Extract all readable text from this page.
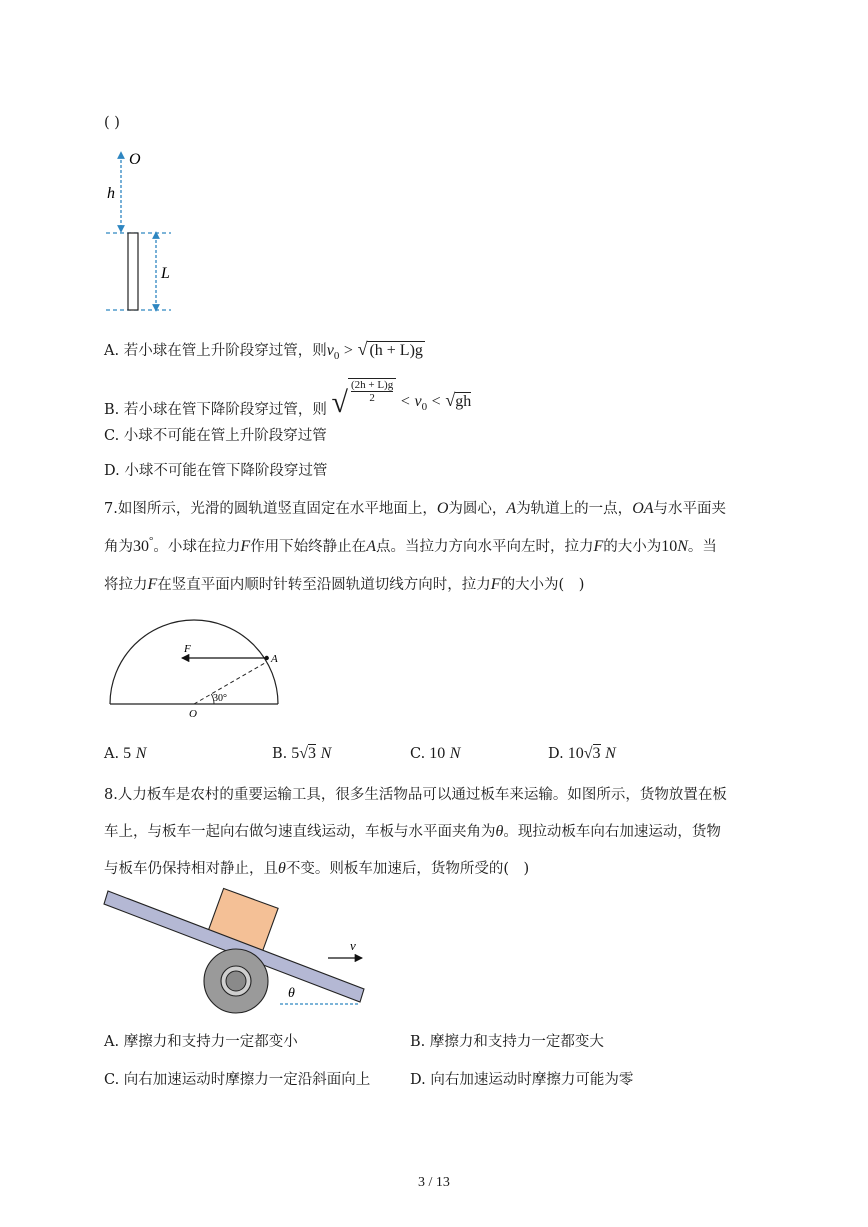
( )
O
h
L
A. 若小球在管上升阶段穿过管，则$v_0$ > √ (h + L)g
B. 若小球在管下降阶段穿过管，则 √ $\frac{(2h + L)g}{2} < v_0 < √gh$
C. 小球不可能在管上升阶段穿过管
D. 小球不可能在管下降阶段穿过管
7.如图所示，光滑的圆轨道竖直固定在水平地面上，O为圆心，A为轨道上的一点，OA与水平面夹
角为30°。小球在拉力F作用下始终静止在A点。当拉力方向水平向左时，拉力F的大小为10N。当
将拉力F在竖直平面内顺时针转至沿圆轨道切线方向时，拉力F的大小为(　)
F
A
O
30°
A. 5 N	B. 5√3 N	C. 10 N	D. 10√3 N
8.人力板车是农村的重要运输工具，很多生活物品可以通过板车来运输。如图所示，货物放置在板
车上，与板车一起向右做匀速直线运动，车板与水平面夹角为θ。现拉动板车向右加速运动，货物
与板车仍保持相对静止，且θ不变。则板车加速后，货物所受的(　)
v
θ
A. 摩擦力和支持力一定都变小	B. 摩擦力和支持力一定都变大
C. 向右加速运动时摩擦力一定沿斜面向上	D. 向右加速运动时摩擦力可能为零
3 / 13
